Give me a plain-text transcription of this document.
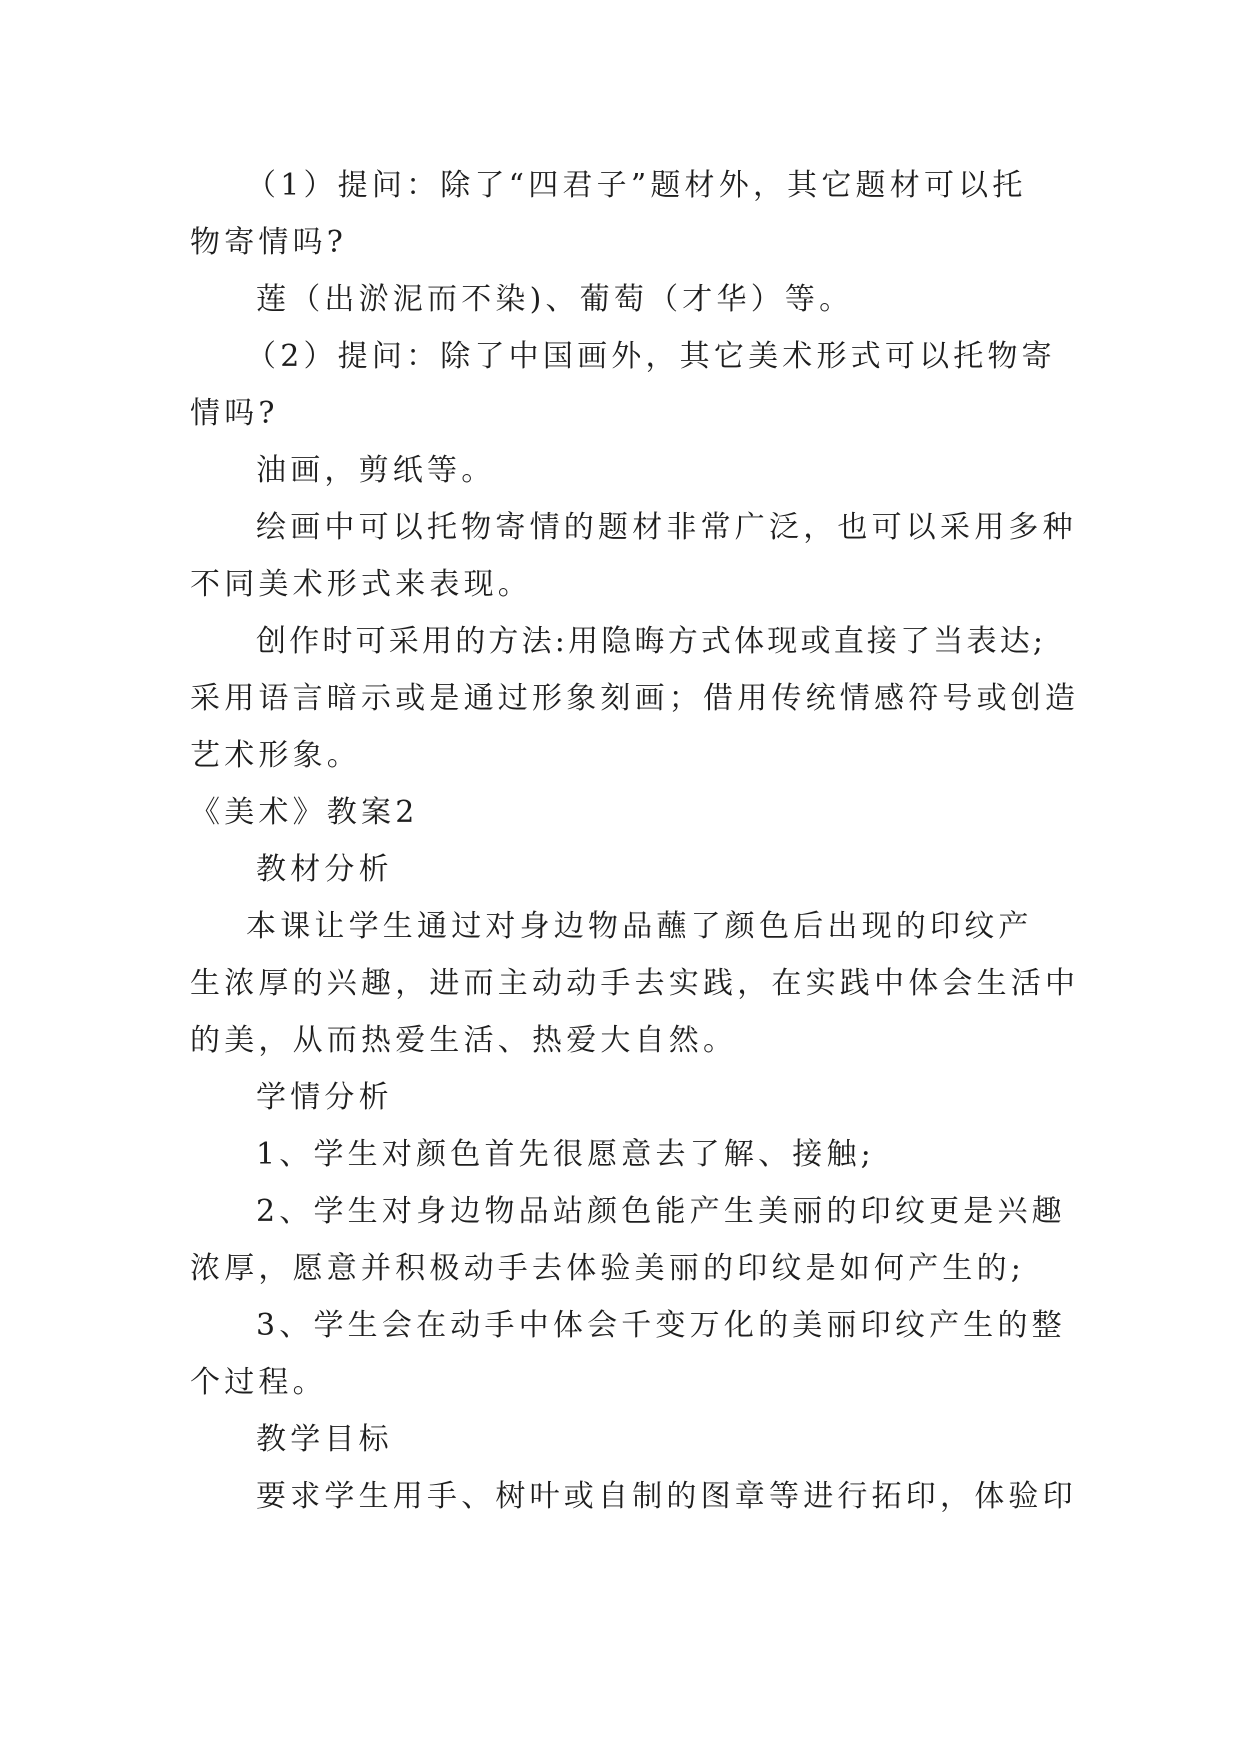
（1）提问：除了“四君子”题材外，其它题材可以托
物寄情吗?
莲（出淤泥而不染)、葡萄（才华）等。
（2）提问：除了中国画外，其它美术形式可以托物寄
情吗?
油画，剪纸等。
绘画中可以托物寄情的题材非常广泛，也可以采用多种
不同美术形式来表现。
创作时可采用的方法:用隐晦方式体现或直接了当表达;
采用语言暗示或是通过形象刻画；借用传统情感符号或创造
艺术形象。
《美术》教案2
教材分析
本课让学生通过对身边物品蘸了颜色后出现的印纹产
生浓厚的兴趣，进而主动动手去实践，在实践中体会生活中
的美，从而热爱生活、热爱大自然。
学情分析
1、学生对颜色首先很愿意去了解、接触;
2、学生对身边物品站颜色能产生美丽的印纹更是兴趣
浓厚，愿意并积极动手去体验美丽的印纹是如何产生的;
3、学生会在动手中体会千变万化的美丽印纹产生的整
个过程。
教学目标
要求学生用手、树叶或自制的图章等进行拓印，体验印
